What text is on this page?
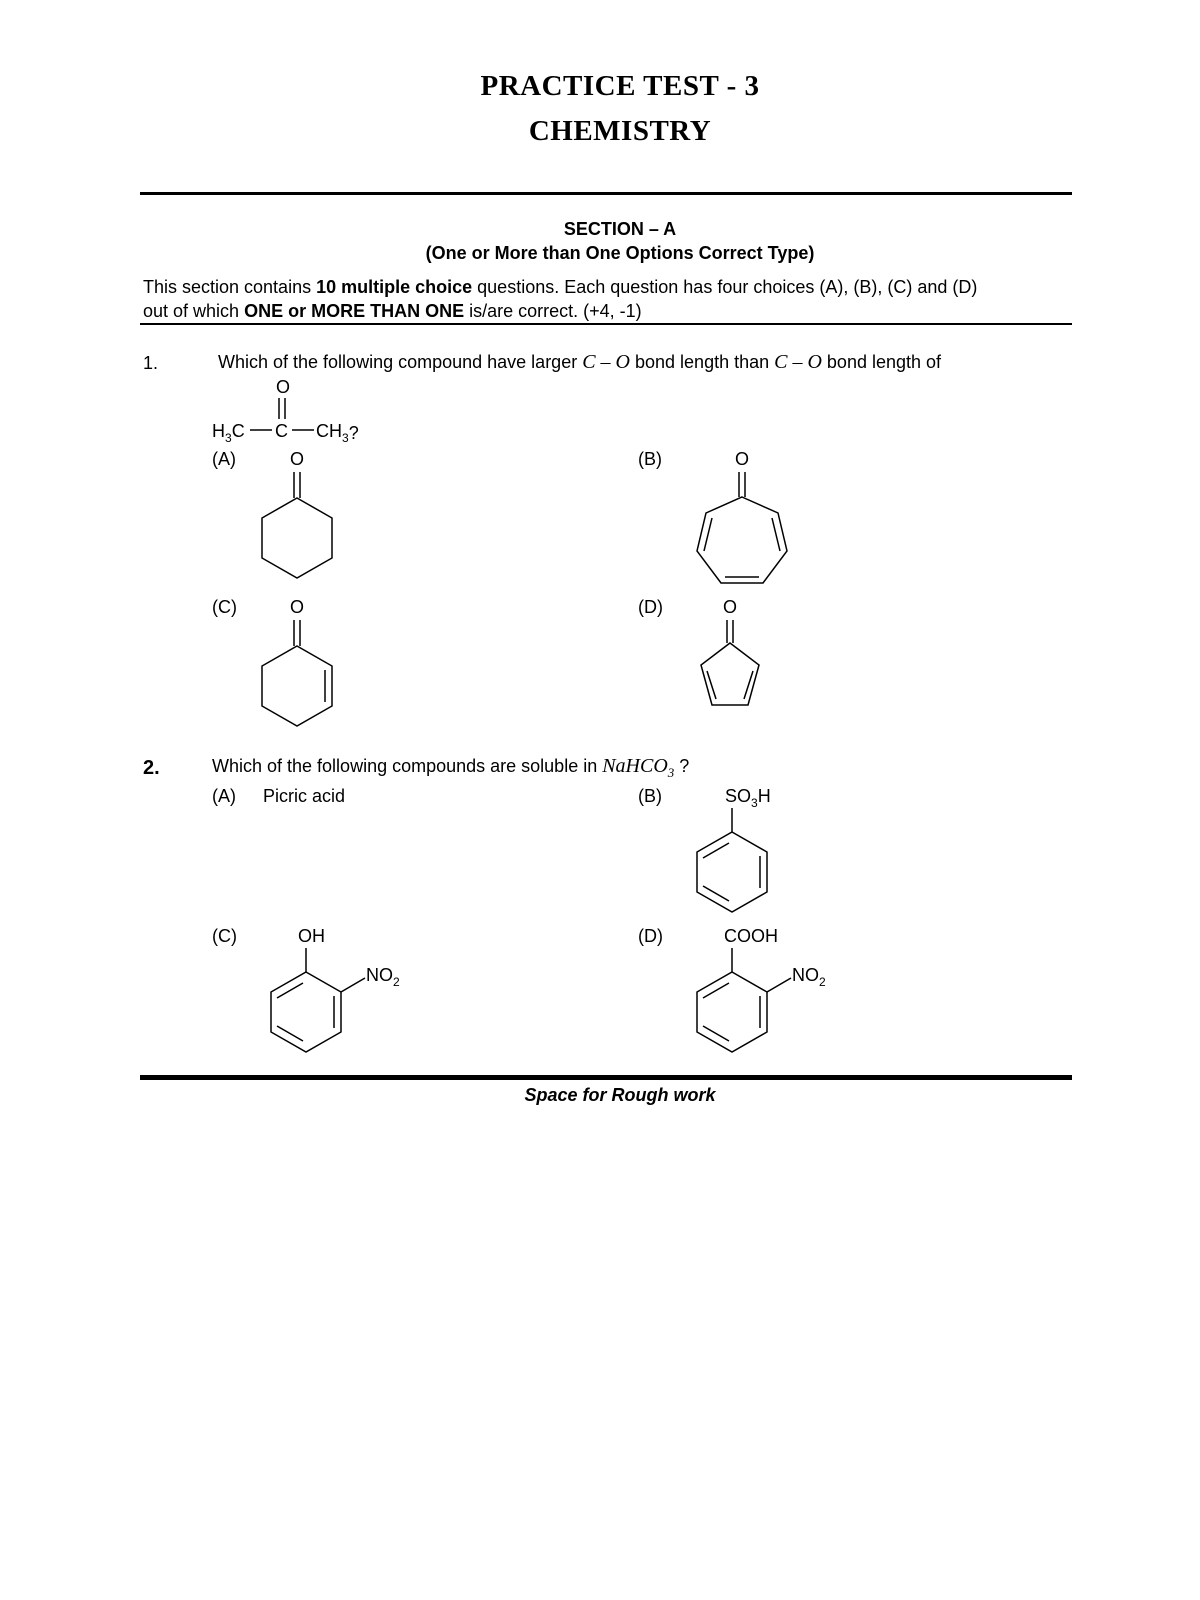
PRACTICE TEST - 3
CHEMISTRY
SECTION – A
(One or More than One Options Correct Type)
This section contains 10 multiple choice questions. Each question has four choices (A), (B), (C) and (D)
out of which ONE or MORE THAN ONE is/are correct. (+4, -1)
1.	Which of the following compound have larger C – O bond length than C – O bond length of
O
$H_3C$ C $CH_3$?
(A)	O	(B)	O
(C)	O	(D)	O
2.	Which of the following compounds are soluble in NaHCO$_3$ ?
(A) Picric acid	(B)	$SO_3H$
(C)	OH
$NO_2$
(D)	COOH
$NO_2$
Space for Rough work
